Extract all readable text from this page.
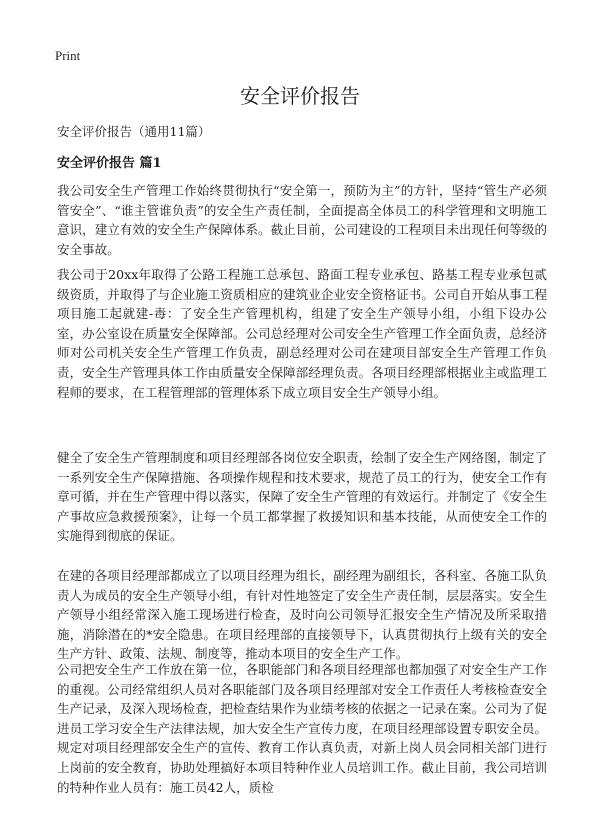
Print
安全评价报告
安全评价报告（通用11篇）
安全评价报告 篇1

我公司安全生产管理工作始终贯彻执行“安全第一，预防为主”的方针，坚持“管生产必须管安全”、“谁主管谁负责”的安全生产责任制，全面提高全体员工的科学管理和文明施工意识，建立有效的安全生产保障体系。截止目前，公司建设的工程项目未出现任何等级的安全事故。

我公司于20xx年取得了公路工程施工总承包、路面工程专业承包、路基工程专业承包贰级资质，并取得了与企业施工资质相应的建筑业企业安全资格证书。公司自开始从事工程项目施工起就建-毒：了安全生产管理机构，组建了安全生产领导小组，小组下设办公室，办公室设在质量安全保障部。公司总经理对公司安全生产管理工作全面负责，总经济师对公司机关安全生产管理工作负责，副总经理对公司在建项目部安全生产管理工作负责，安全生产管理具体工作由质量安全保障部经理负责。各项目经理部根据业主或监理工程师的要求，在工程管理部的管理体系下成立项目安全生产领导小组。

健全了安全生产管理制度和项目经理部各岗位安全职责，绘制了安全生产网络图，制定了一系列安全生产保障措施、各项操作规程和技术要求，规范了员工的行为，使安全工作有章可循，并在生产管理中得以落实，保障了安全生产管理的有效运行。并制定了《安全生产事故应急救援预案》，让每一个员工都掌握了救援知识和基本技能，从而使安全工作的实施得到彻底的保证。

在建的各项目经理部都成立了以项目经理为组长，副经理为副组长，各科室、各施工队负责人为成员的安全生产领导小组，有针对性地签定了安全生产责任制，层层落实。安全生产领导小组经常深入施工现场进行检查，及时向公司领导汇报安全生产情况及所采取措施，消除潜在的*安全隐患。在项目经理部的直接领导下，认真贯彻执行上级有关的安全生产方针、政策、法规、制度等，推动本项目的安全生产工作。

公司把安全生产工作放在第一位，各职能部门和各项目经理部也都加强了对安全生产工作的重视。公司经常组织人员对各职能部门及各项目经理部对安全工作责任人考核检查安全生产记录，及深入现场检查，把检查结果作为业绩考核的依据之一记录在案。公司为了促进员工学习安全生产法律法规，加大安全生产宣传力度，在项目经理部设置专职安全员。规定对项目经理部安全生产的宣传、教育工作认真负责，对新上岗人员会同相关部门进行上岗前的安全教育，协助处理搞好本项目特种作业人员培训工作。截止目前，我公司培训的特种作业人员有：施工员42人，质检
